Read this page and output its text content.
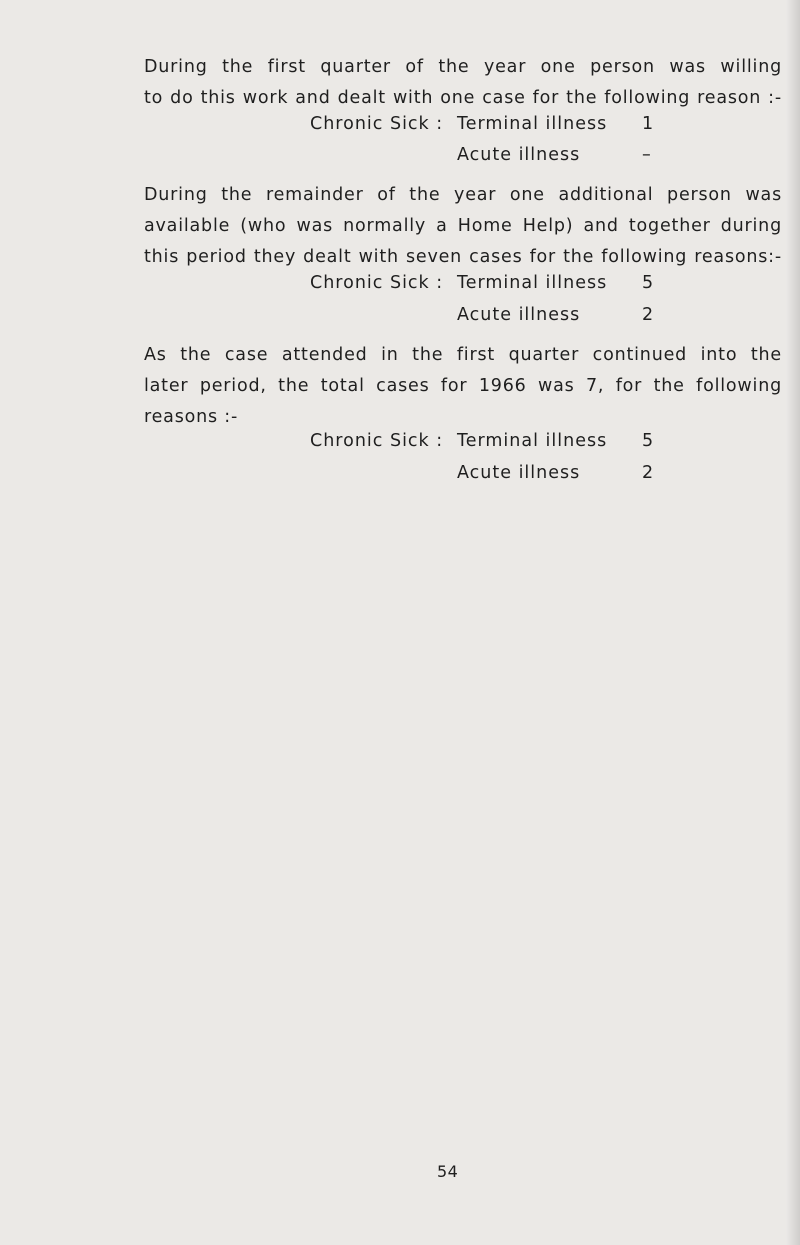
During the first quarter of the year one person was willing
to do this work and dealt with one case for the following reason :-
Chronic Sick : Terminal illness 1
Acute illness	–
During the remainder of the year one additional person was
available (who was normally a Home Help) and together during
this period they dealt with seven cases for the following reasons:-
Chronic Sick : Terminal illness 5
Acute illness	2
As the case attended in the first quarter continued into the
later period, the total cases for 1966 was 7, for the following
reasons :-
Chronic Sick : Terminal illness 5
Acute illness	2
54
